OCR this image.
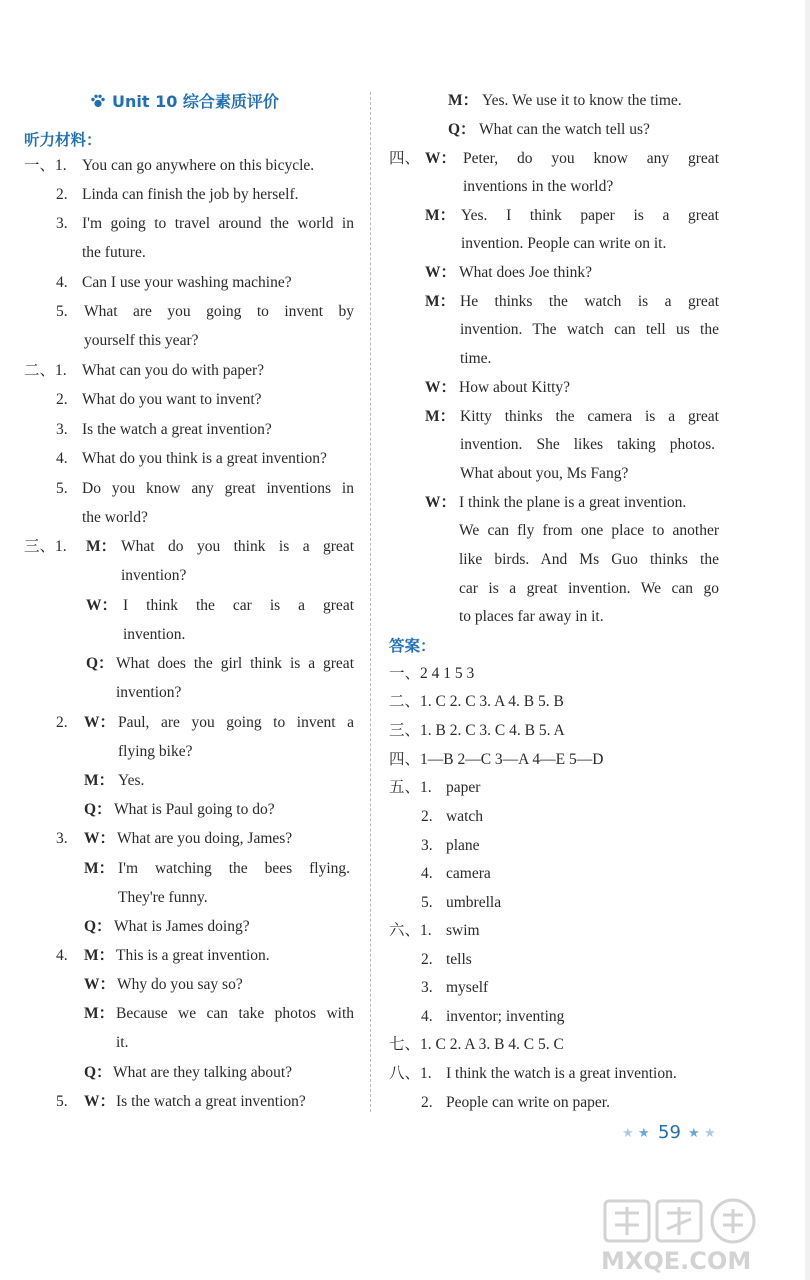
Unit 10 综合素质评价
听力材料：
一、1. You can go anywhere on this bicycle.
2. Linda can finish the job by herself.
3. I'm going to travel around the world in
the future.
4. Can I use your washing machine?
5. What are you going to invent by
yourself this year?
二、1. What can you do with paper?
2. What do you want to invent?
3. Is the watch a great invention?
4. What do you think is a great invention?
5. Do you know any great inventions in
the world?
三、1. M： What do you think is a great
invention?
W： I think the car is a great
invention.
Q： What does the girl think is a great
invention?
2. W： Paul, are you going to invent a
flying bike?
M： Yes.
Q： What is Paul going to do?
3. W： What are you doing, James?
M： I'm watching the bees flying.
They're funny.
Q： What is James doing?
4. M： This is a great invention.
W： Why do you say so?
M： Because we can take photos with
it.
Q： What are they talking about?
5. W： Is the watch a great invention?
M： Yes. We use it to know the time.
Q： What can the watch tell us?
四、 W： Peter, do you know any great
inventions in the world?
M： Yes. I think paper is a great
invention. People can write on it.
W： What does Joe think?
M： He thinks the watch is a great
invention. The watch can tell us the
time.
W： How about Kitty?
M： Kitty thinks the camera is a great
invention. She likes taking photos.
What about you, Ms Fang?
W： I think the plane is a great invention.
We can fly from one place to another
like birds. And Ms Guo thinks the
car is a great invention. We can go
to places far away in it.
答案：
一、2 4 1 5 3
二、1. C 2. C 3. A 4. B 5. B
三、1. B 2. C 3. C 4. B 5. A
四、1—B 2—C 3—A 4—E 5—D
五、1. paper
2. watch
3. plane
4. camera
5. umbrella
六、1. swim
2. tells
3. myself
4. inventor; inventing
七、1. C 2. A 3. B 4. C 5. C
八、1. I think the watch is a great invention.
2. People can write on paper.
★ ★ 59 ★ ★
MXQE.COM
